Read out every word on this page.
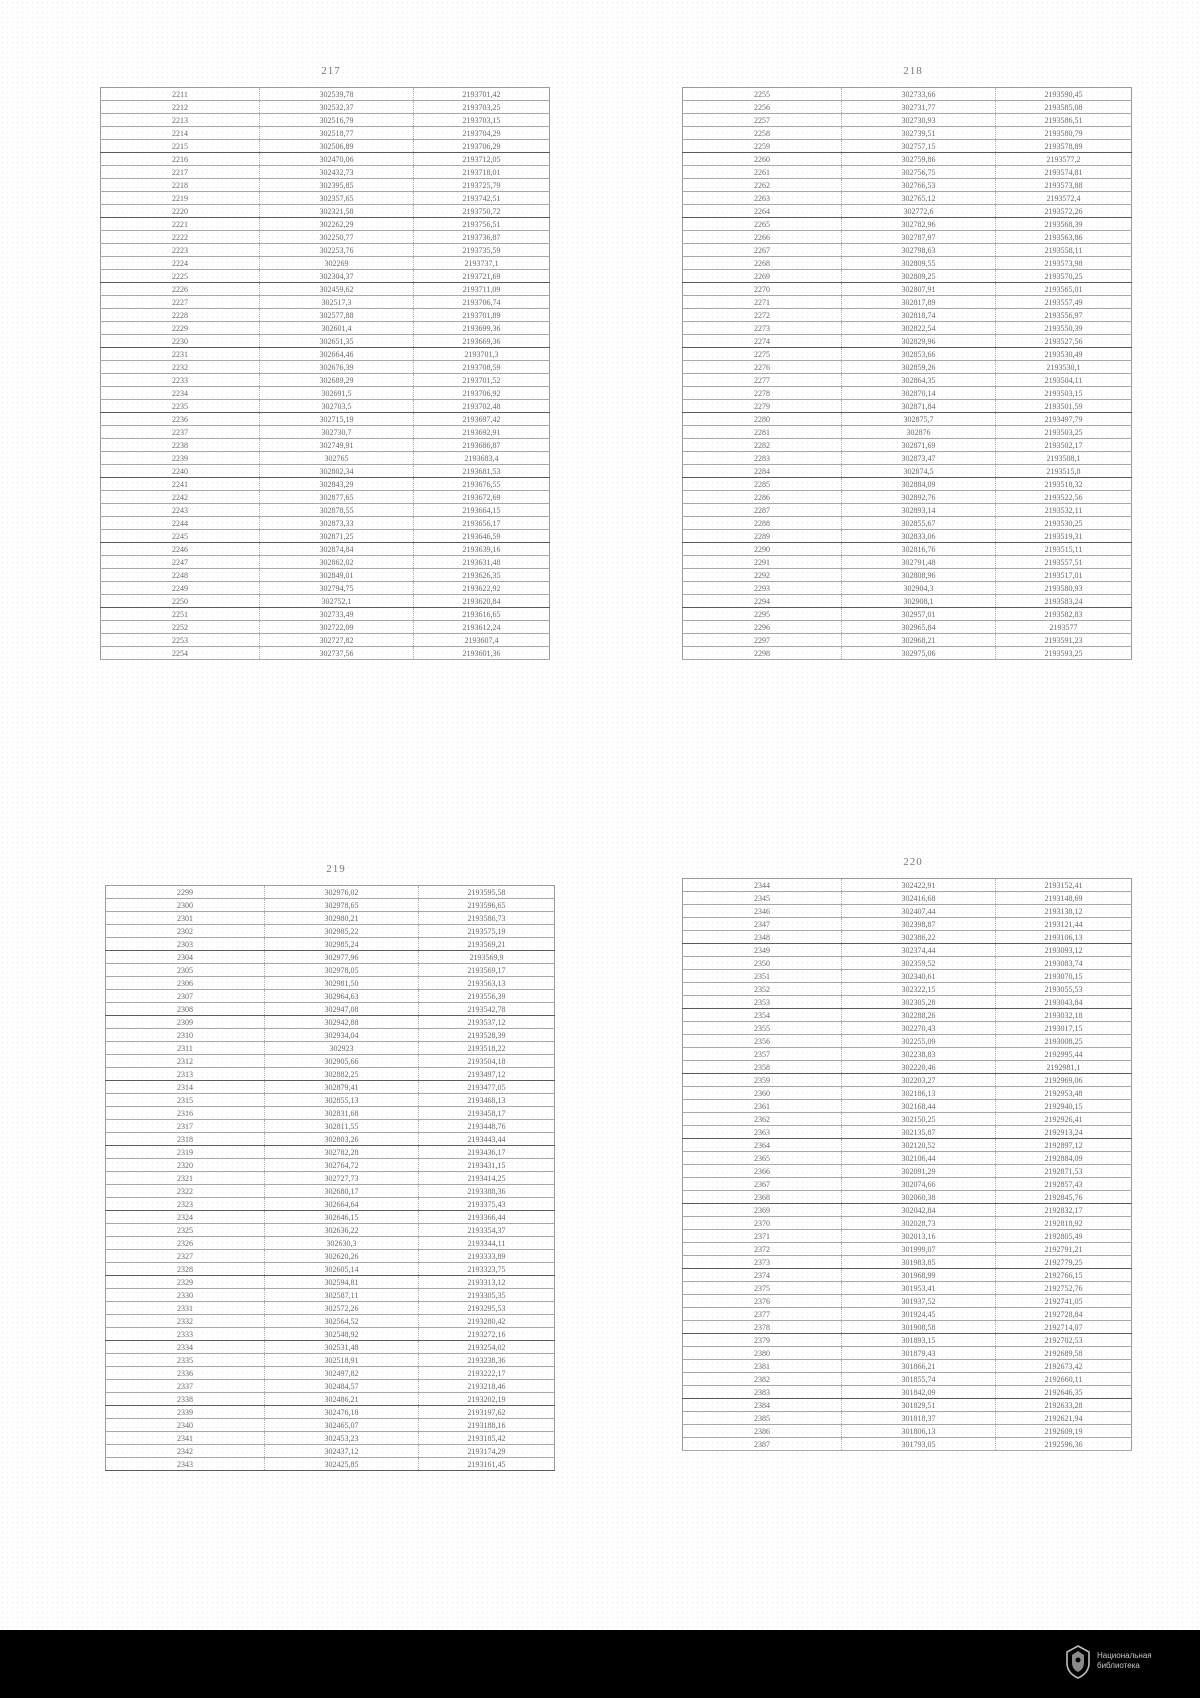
217
2211	302539,78	2193701,42
2212	302532,37	2193703,25
2213	302516,79	2193703,15
2214	302518,77	2193704,29
2215	302506,89	2193706,29
2216	302470,06	2193712,05
2217	302432,73	2193718,01
2218	302395,85	2193725,79
2219	302357,65	2193742,51
2220	302321,58	2193750,72
2221	302262,29	2193756,51
2222	302250,77	2193736,87
2223	302253,76	2193735,59
2224	302269	2193737,1
2225	302304,37	2193721,69
2226	302459,62	2193711,09
2227	302517,3	2193706,74
2228	302577,88	2193701,89
2229	302601,4	2193699,36
2230	302651,35	2193669,36
2231	302664,46	2193701,3
2232	302676,39	2193708,59
2233	302689,29	2193701,52
2234	302691,5	2193706,92
2235	302703,5	2193702,48
2236	302715,19	2193697,42
2237	302730,7	2193692,91
2238	302749,91	2193686,87
2239	302765	2193683,4
2240	302802,34	2193681,53
2241	302843,29	2193676,55
2242	302877,65	2193672,69
2243	302878,55	2193664,15
2244	302873,33	2193656,17
2245	302871,25	2193646,59
2246	302874,84	2193639,16
2247	302862,02	2193631,48
2248	302849,01	2193626,35
2249	302794,75	2193622,92
2250	302752,1	2193620,84
2251	302733,49	2193616,65
2252	302722,09	2193612,24
2253	302727,82	2193607,4
2254	302737,56	2193601,36
218
2255	302733,66	2193590,45
2256	302731,77	2193585,08
2257	302730,93	2193586,51
2258	302739,51	2193580,79
2259	302757,15	2193578,89
2260	302759,86	2193577,2
2261	302756,75	2193574,81
2262	302766,53	2193573,88
2263	302765,12	2193572,4
2264	302772,6	2193572,26
2265	302782,96	2193568,39
2266	302787,97	2193563,86
2267	302798,63	2193558,11
2268	302809,55	2193573,98
2269	302809,25	2193570,25
2270	302807,91	2193565,01
2271	302817,89	2193557,49
2272	302818,74	2193556,97
2273	302822,54	2193550,39
2274	302829,96	2193527,56
2275	302853,66	2193530,49
2276	302859,26	2193530,1
2277	302864,35	2193504,11
2278	302870,14	2193503,15
2279	302871,84	2193501,59
2280	302875,7	2193497,79
2281	302876	2193503,25
2282	302871,69	2193502,17
2283	302873,47	2193508,1
2284	302874,5	2193515,8
2285	302884,09	2193518,32
2286	302892,76	2193522,56
2287	302893,14	2193532,11
2288	302855,67	2193530,25
2289	302833,06	2193519,31
2290	302816,76	2193515,11
2291	302791,48	2193557,51
2292	302808,96	2193517,01
2293	302904,3	2193580,93
2294	302908,1	2193583,24
2295	302957,01	2193582,83
2296	302965,84	2193577
2297	302968,21	2193591,23
2298	302975,06	2193593,25
219
2299	302976,02	2193595,58
2300	302978,65	2193596,65
2301	302980,21	2193586,73
2302	302985,22	2193575,19
2303	302985,24	2193569,21
2304	302977,96	2193569,9
2305	302978,05	2193569,17
2306	302981,50	2193563,13
2307	302964,63	2193556,39
2308	302947,08	2193542,78
2309	302942,88	2193537,12
2310	302934,04	2193528,39
2311	302923	2193518,22
2312	302905,66	2193504,18
2313	302882,25	2193497,12
2314	302879,41	2193477,05
2315	302855,13	2193468,13
2316	302831,68	2193458,17
2317	302811,55	2193448,76
2318	302803,26	2193443,44
2319	302782,28	2193436,17
2320	302764,72	2193431,15
2321	302727,73	2193414,25
2322	302680,17	2193388,36
2323	302664,64	2193375,43
2324	302646,15	2193366,44
2325	302636,22	2193354,37
2326	302630,3	2193344,11
2327	302620,26	2193333,89
2328	302605,14	2193323,75
2329	302594,81	2193313,12
2330	302587,11	2193305,35
2331	302572,26	2193295,53
2332	302564,52	2193280,42
2333	302548,92	2193272,16
2334	302531,48	2193254,02
2335	302518,91	2193238,36
2336	302497,82	2193222,17
2337	302484,57	2193218,46
2338	302486,21	2193202,19
2339	302476,18	2193197,62
2340	302465,07	2193188,16
2341	302453,23	2193185,42
2342	302437,12	2193174,29
2343	302425,85	2193161,45
220
2344	302422,91	2193152,41
2345	302416,68	2193148,69
2346	302407,44	2193138,12
2347	302398,87	2193121,44
2348	302386,22	2193106,13
2349	302374,44	2193093,12
2350	302359,52	2193083,74
2351	302340,61	2193070,15
2352	302322,15	2193055,53
2353	302305,28	2193043,84
2354	302288,26	2193032,18
2355	302270,43	2193017,15
2356	302255,09	2193008,25
2357	302238,83	2192995,44
2358	302220,46	2192981,1
2359	302203,27	2192969,06
2360	302186,13	2192953,48
2361	302168,44	2192940,15
2362	302150,25	2192926,41
2363	302135,87	2192913,24
2364	302120,52	2192897,12
2365	302106,44	2192884,09
2366	302091,29	2192871,53
2367	302074,66	2192857,43
2368	302060,38	2192845,76
2369	302042,84	2192832,17
2370	302028,73	2192818,92
2371	302013,16	2192805,49
2372	301999,07	2192791,21
2373	301983,85	2192779,25
2374	301968,99	2192766,15
2375	301953,41	2192752,76
2376	301937,52	2192741,05
2377	301924,45	2192728,84
2378	301908,58	2192714,07
2379	301893,15	2192702,53
2380	301879,43	2192689,58
2381	301866,21	2192673,42
2382	301855,74	2192660,11
2383	301842,09	2192646,35
2384	301829,51	2192633,28
2385	301818,37	2192621,94
2386	301806,13	2192609,19
2387	301793,05	2192596,36
Национальная
библиотека
